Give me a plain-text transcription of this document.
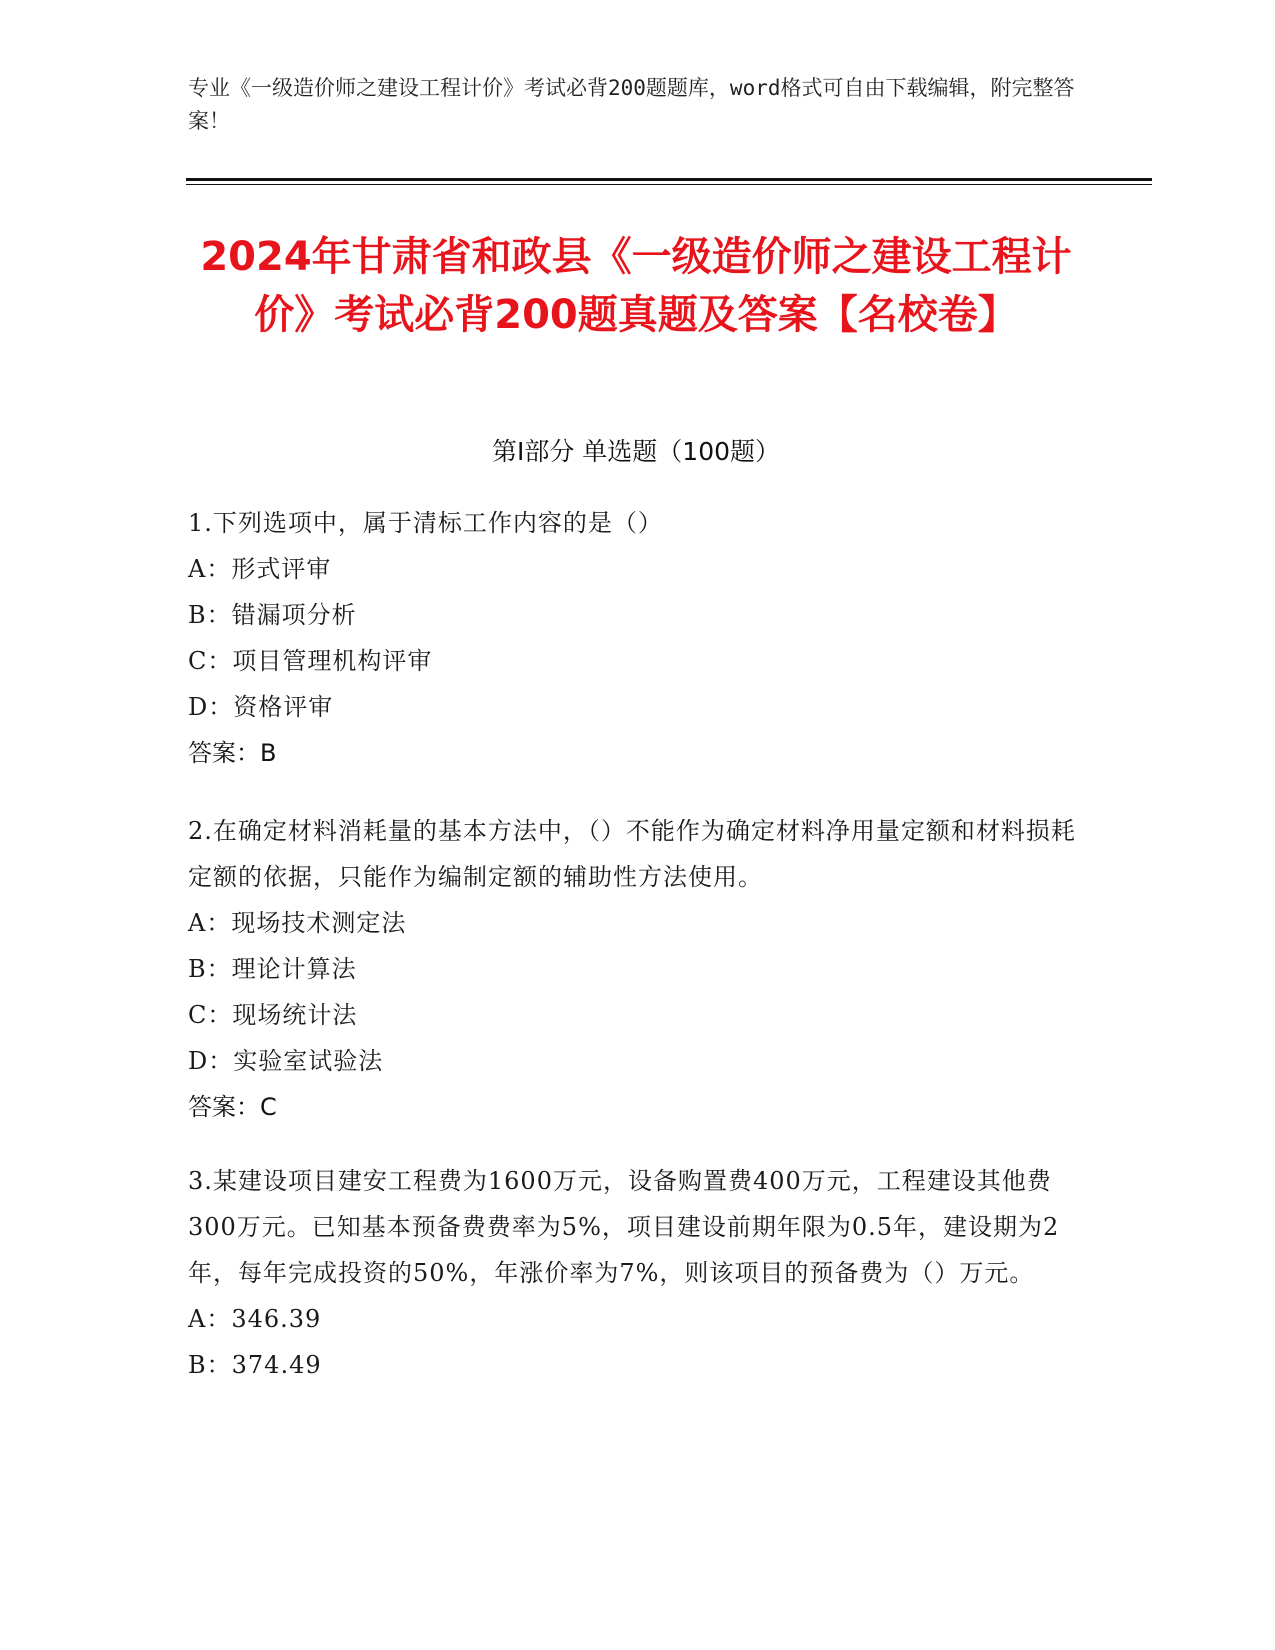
专业《一级造价师之建设工程计价》考试必背200题题库，word格式可自由下载编辑，附完整答案！
2024年甘肃省和政县《一级造价师之建设工程计价》考试必背200题真题及答案【名校卷】
第I部分 单选题（100题）
1.下列选项中，属于清标工作内容的是（）
A：形式评审
B：错漏项分析
C：项目管理机构评审
D：资格评审
答案：B
2.在确定材料消耗量的基本方法中，（）不能作为确定材料净用量定额和材料损耗定额的依据，只能作为编制定额的辅助性方法使用。
A：现场技术测定法
B：理论计算法
C：现场统计法
D：实验室试验法
答案：C
3.某建设项目建安工程费为1600万元，设备购置费400万元，工程建设其他费300万元。已知基本预备费费率为5%，项目建设前期年限为0.5年，建设期为2年，每年完成投资的50%，年涨价率为7%，则该项目的预备费为（）万元。
A：346.39
B：374.49
